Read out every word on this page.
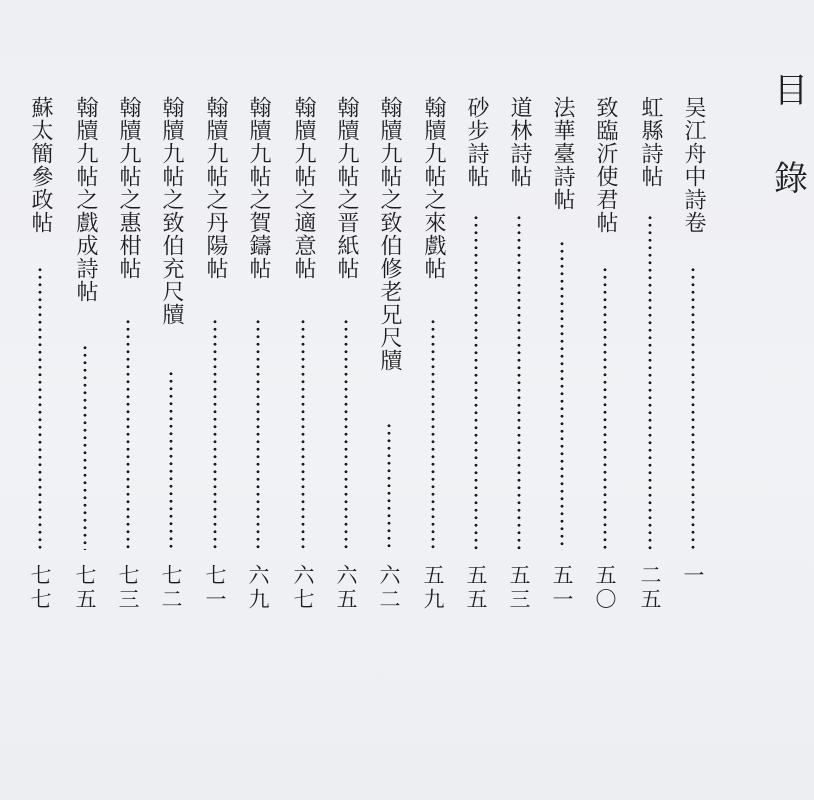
目
錄
吴江舟中詩卷
一
虹縣詩帖
二五
致臨沂使君帖
五〇
法華臺詩帖
五一
道林詩帖
五三
砂步詩帖
五五
翰牘九帖之來戲帖
五九
翰牘九帖之致伯修老兄尺牘
六二
翰牘九帖之晋紙帖
六五
翰牘九帖之適意帖
六七
翰牘九帖之賀鑄帖
六九
翰牘九帖之丹陽帖
七一
翰牘九帖之致伯充尺牘
七二
翰牘九帖之惠柑帖
七三
翰牘九帖之戲成詩帖
七五
蘇太簡參政帖
七七
